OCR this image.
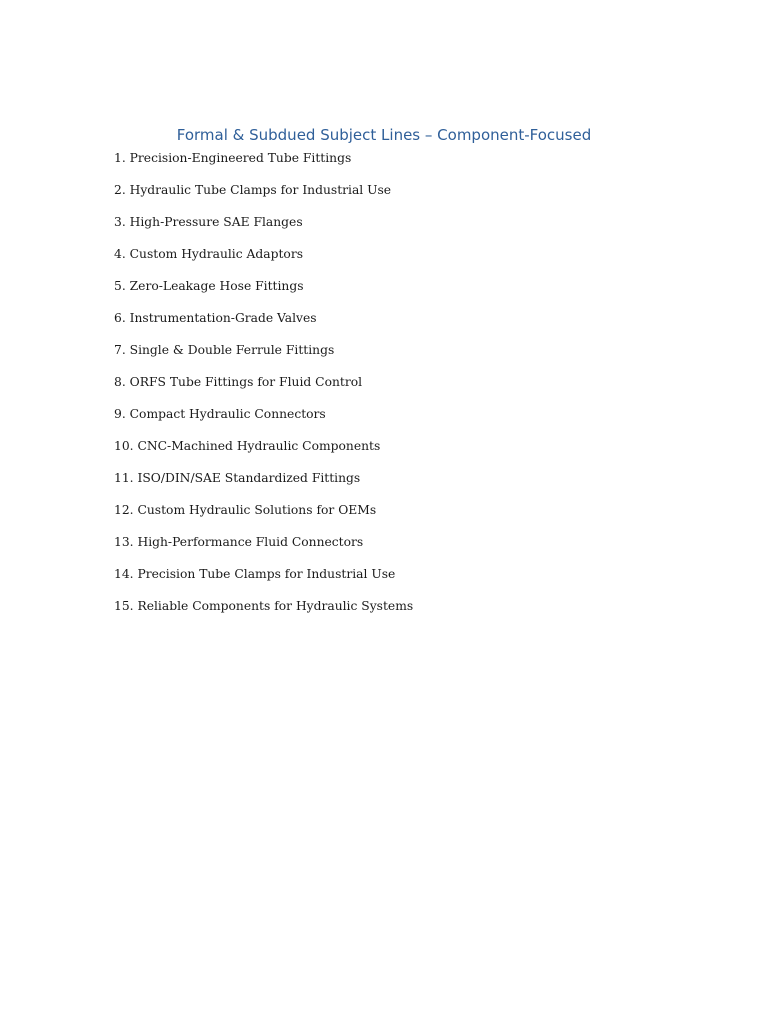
Formal & Subdued Subject Lines – Component-Focused
1. Precision-Engineered Tube Fittings
2. Hydraulic Tube Clamps for Industrial Use
3. High-Pressure SAE Flanges
4. Custom Hydraulic Adaptors
5. Zero-Leakage Hose Fittings
6. Instrumentation-Grade Valves
7. Single & Double Ferrule Fittings
8. ORFS Tube Fittings for Fluid Control
9. Compact Hydraulic Connectors
10. CNC-Machined Hydraulic Components
11. ISO/DIN/SAE Standardized Fittings
12. Custom Hydraulic Solutions for OEMs
13. High-Performance Fluid Connectors
14. Precision Tube Clamps for Industrial Use
15. Reliable Components for Hydraulic Systems
